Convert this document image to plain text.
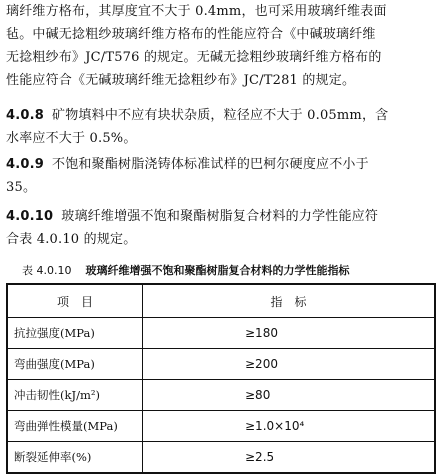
璃纤维方格布，其厚度宜不大于 0.4mm，也可采用玻璃纤维表面
毡。中碱无捻粗纱玻璃纤维方格布的性能应符合《中碱玻璃纤维
无捻粗纱布》JC/T576 的规定。无碱无捻粗纱玻璃纤维方格布的
性能应符合《无碱玻璃纤维无捻粗纱布》JC/T281 的规定。
4.0.8 矿物填料中不应有块状杂质，粒径应不大于 0.05mm，含
水率应不大于 0.5%。
4.0.9 不饱和聚酯树脂浇铸体标准试样的巴柯尔硬度应不小于
35。
4.0.10 玻璃纤维增强不饱和聚酯树脂复合材料的力学性能应符
合表 4.0.10 的规定。
表 4.0.10 玻璃纤维增强不饱和聚酯树脂复合材料的力学性能指标
项　目	指　标
抗拉强度(MPa)	≥180
弯曲强度(MPa)	≥200
冲击韧性(kJ/m²)	≥80
弯曲弹性模量(MPa)	≥1.0×10⁴
断裂延伸率(%)	≥2.5
